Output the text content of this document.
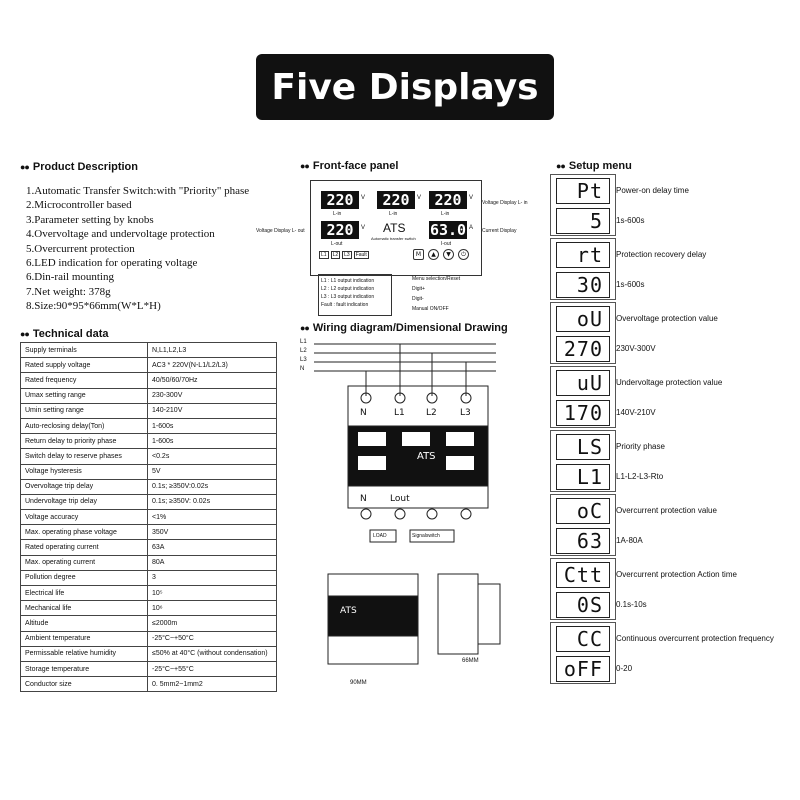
Five Displays
●● Product Description
1.Automatic Transfer Switch:with "Priority" phase
2.Microcontroller based
3.Parameter setting by knobs
4.Overvoltage and undervoltage protection
5.Overcurrent protection
6.LED indication for operating voltage
6.Din-rail mounting
7.Net weight: 378g
8.Size:90*95*66mm(W*L*H)
●● Technical data
Supply terminals	N,L1,L2,L3
Rated supply voltage	AC3 * 220V(N-L1/L2/L3)
Rated frequency	40/50/60/70Hz
Umax setting range	230-300V
Umin setting range	140-210V
Auto-reclosing delay(Ton)	1-600s
Return delay to priority phase	1-600s
Switch delay to reserve phases	<0.2s
Voltage hysteresis	5V
Overvoltage trip delay	0.1s; ≥350V:0.02s
Undervoltage trip delay	0.1s; ≥350V: 0.02s
Voltage accuracy	<1%
Max. operating phase voltage	350V
Rated operating current	63A
Max. operating current	80A
Pollution degree	3
Electrical life	10⁵
Mechanical life	10⁶
Altitude	≤2000m
Ambient temperature	-25°C~+50°C
Permissable relative humidity	≤50% at 40°C (without condensation)
Storage temperature	-25°C~+55°C
Conductor size	0. 5mm2~1mm2
●● Front-face panel
220	V	220	V 220	V
L-in	L-in	L-in
220	V
L-out
ATS
Automatic transfer switch 63.0 A
I-out
L1	L2	L3	Fault	M	▲	▼	⏻
Voltage Display L- out
Voltage Display L- in
Current Display
L1 : L1 output indication
L2 : L2 output indication
L3 : L3 output indication
Fault : fault indication
Menu selection/Reset
Digit+
Digit-
Manual ON/OFF
●● Wiring diagram/Dimensional Drawing
L1
L2
L3
N
N	L1 L2	L3
ATS
N	Lout
LOAD	Signalswitch
ATS
90MM
66MM
●● Setup menu
Pt	Power-on delay time
5	1s-600s
rt	Protection recovery delay
30	1s-600s
oU	Overvoltage protection value
270	230V-300V
uU	Undervoltage protection value
170	140V-210V
LS	Priority phase
L1	L1-L2-L3-Rto
oC	Overcurrent protection value
63	1A-80A
Ctt	Overcurrent protection Action time
0S	0.1s-10s
CC	Continuous overcurrent protection frequency
oFF	0-20
